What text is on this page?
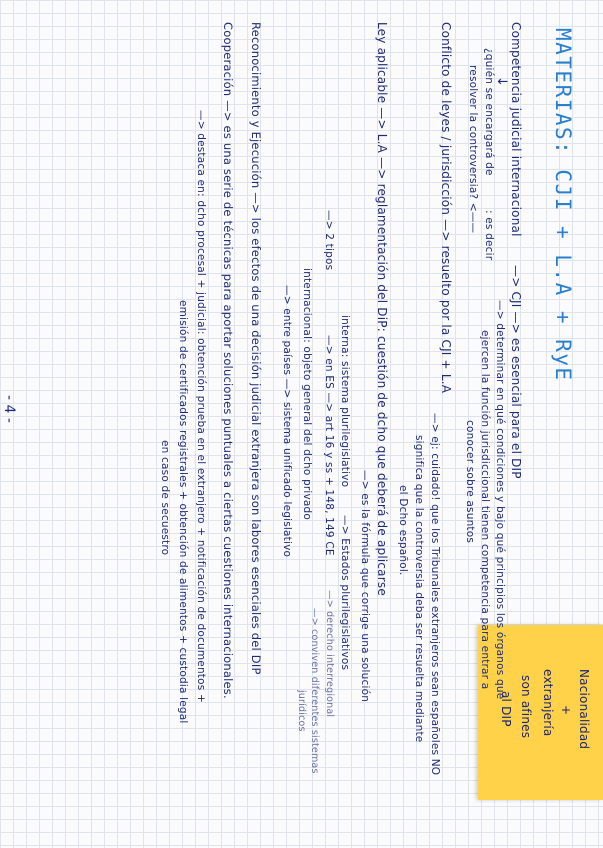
MATERIAS: CJI + L.A + RyE
Nacionalidad
+
extranjería
son afines
al DIP
Competencia judicial internacional
—> CJI —> es esencial para el DIP
↓
¿quién se encargará de
resolver la controversia? <——
: es decir
—> determinar en qué condiciones y bajo qué principios los órganos que
ejercen la función jurisdiccional tienen competencia para entrar a
conocer sobre asuntos
Conflicto de leyes / jurisdicción —> resuelto por la CJI + L.A
—> ej: cuidado! que los Tribunales extranjeros sean españoles NO
significa que la controversia deba ser resuelta mediante
el Dcho español.
Ley aplicable —> L.A —> reglamentación del DiP: cuestión de dcho que deberá de aplicarse
—> es la fórmula que corrige una solución
interna: sistema plurilegislativo
—> Estados plurilegislativos
—> 2 tipos
—> en ES —> art 16 y ss + 148, 149 CE
—> derecho interregional
—> conviven diferentes sistemas
jurídicos
internacional: objeto general del dcho privado
—> entre países —> sistema unificado legislativo
Reconocimiento y Ejecución —> los efectos de una decisión judicial extranjera son labores esenciales del DIP
Cooperación —> es una serie de técnicas para aportar soluciones puntuales a ciertas cuestiones internacionales.
—> destaca en: dcho procesal + judicial: obtención prueba en el extranjero + notificación de documentos +
emisión de certificados registrales + obtención de alimentos + custodia legal
en caso de secuestro
- 4 -
